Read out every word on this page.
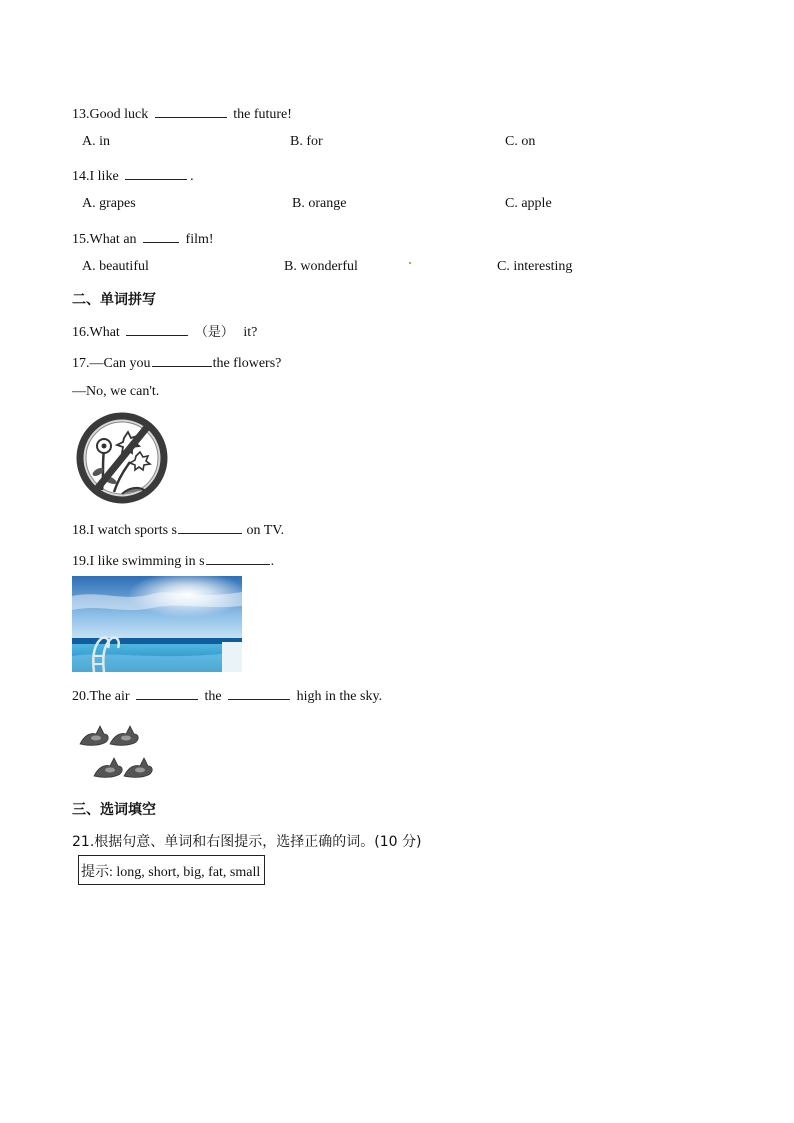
13.Good luck	the future!
A. in	B. for	C. on
14.I like	.
A. grapes	B. orange	C. apple
15.What an	film!
A. beautiful	B. wonderful	C. interesting
二、单词拼写
16.What	（是） it?
17.—Can you	the flowers?
—No, we can't.
18.I watch sports s	on TV.
19.I like swimming in s	.
20.The air	the	high in the sky.
三、选词填空
21.根据句意、单词和右图提示，选择正确的词。(10 分)
提示: long, short, big, fat, small
